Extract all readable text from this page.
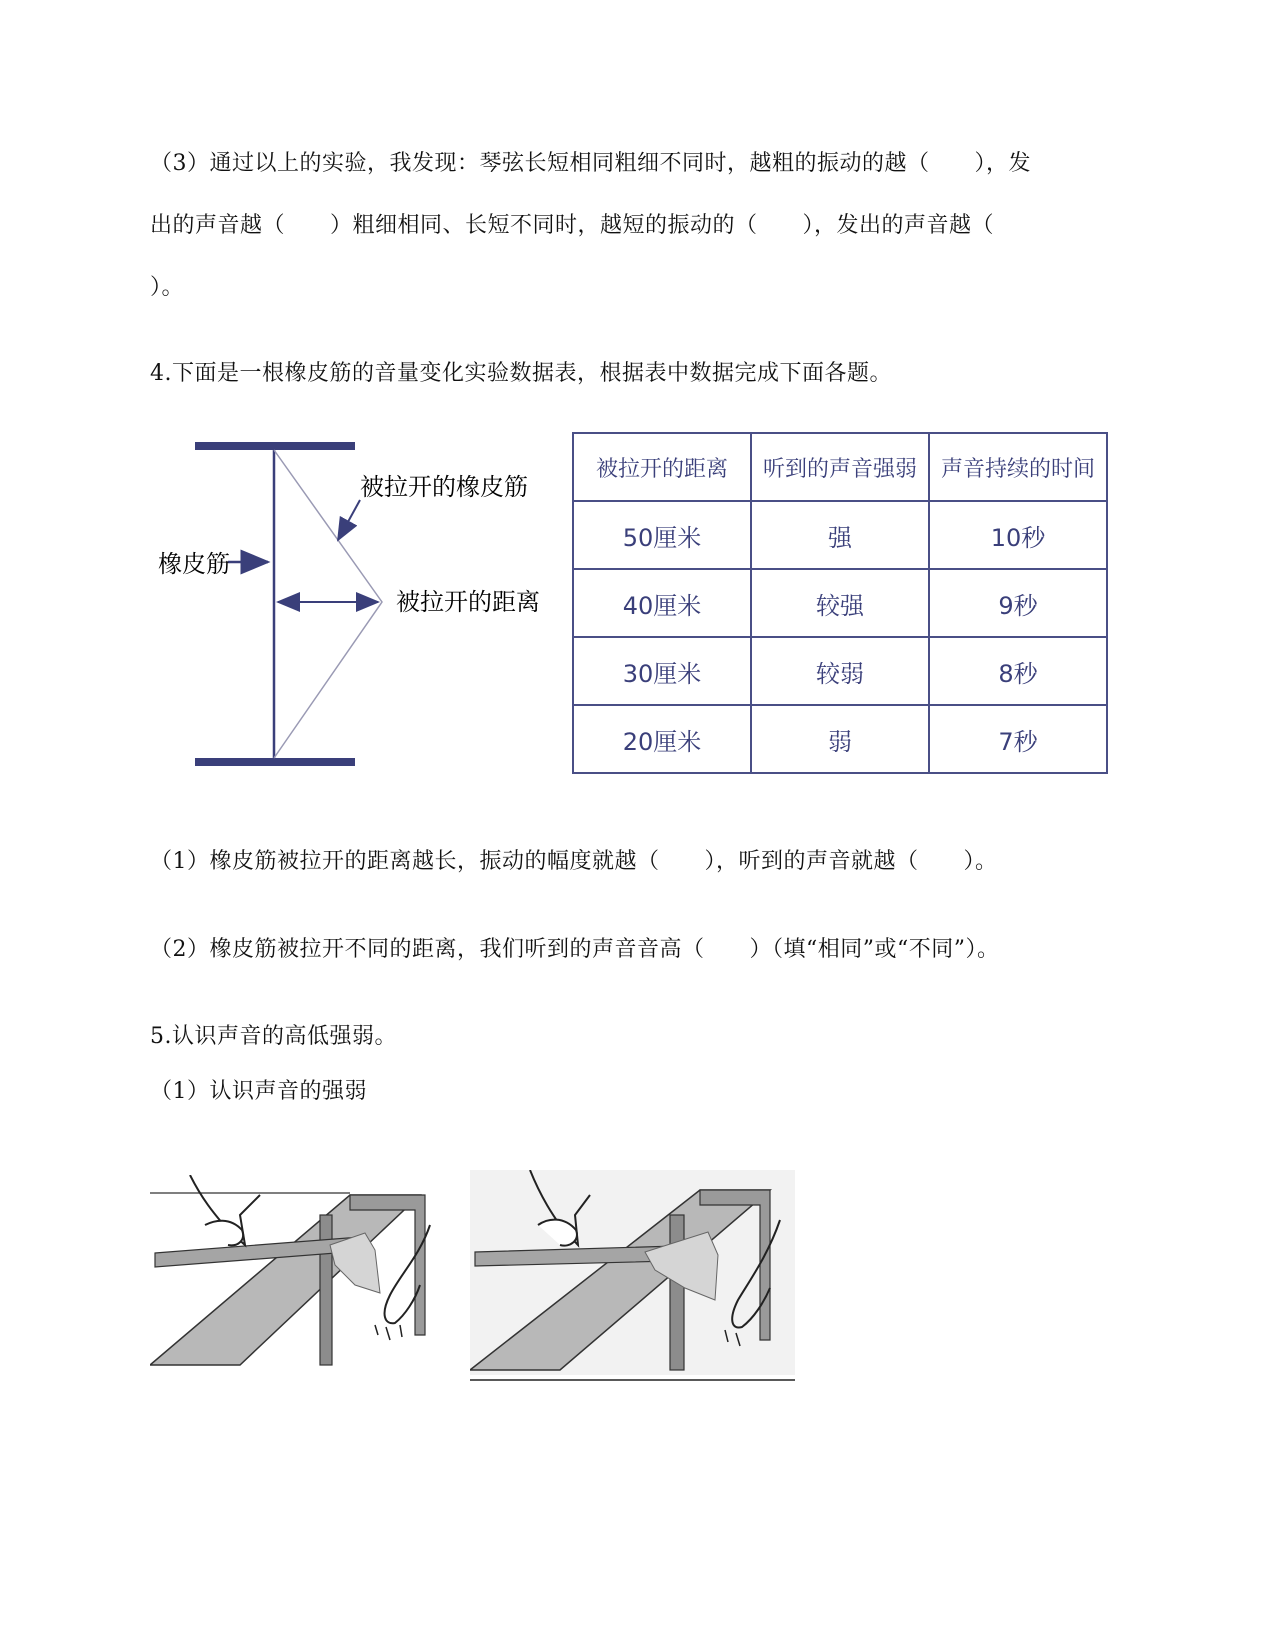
（3）通过以上的实验，我发现：琴弦长短相同粗细不同时，越粗的振动的越（　　），发
出的声音越（　　）粗细相同、长短不同时，越短的振动的（　　），发出的声音越（
）。
4.下面是一根橡皮筋的音量变化实验数据表，根据表中数据完成下面各题。
橡皮筋
被拉开的橡皮筋
被拉开的距离
被拉开的距离	听到的声音强弱	声音持续的时间
50厘米	强	10秒
40厘米	较强	9秒
30厘米	较弱	8秒
20厘米	弱	7秒
（1）橡皮筋被拉开的距离越长，振动的幅度就越（　　），听到的声音就越（　　）。
（2）橡皮筋被拉开不同的距离，我们听到的声音音高（　　）（填“相同”或“不同”）。
5.认识声音的高低强弱。
（1）认识声音的强弱
